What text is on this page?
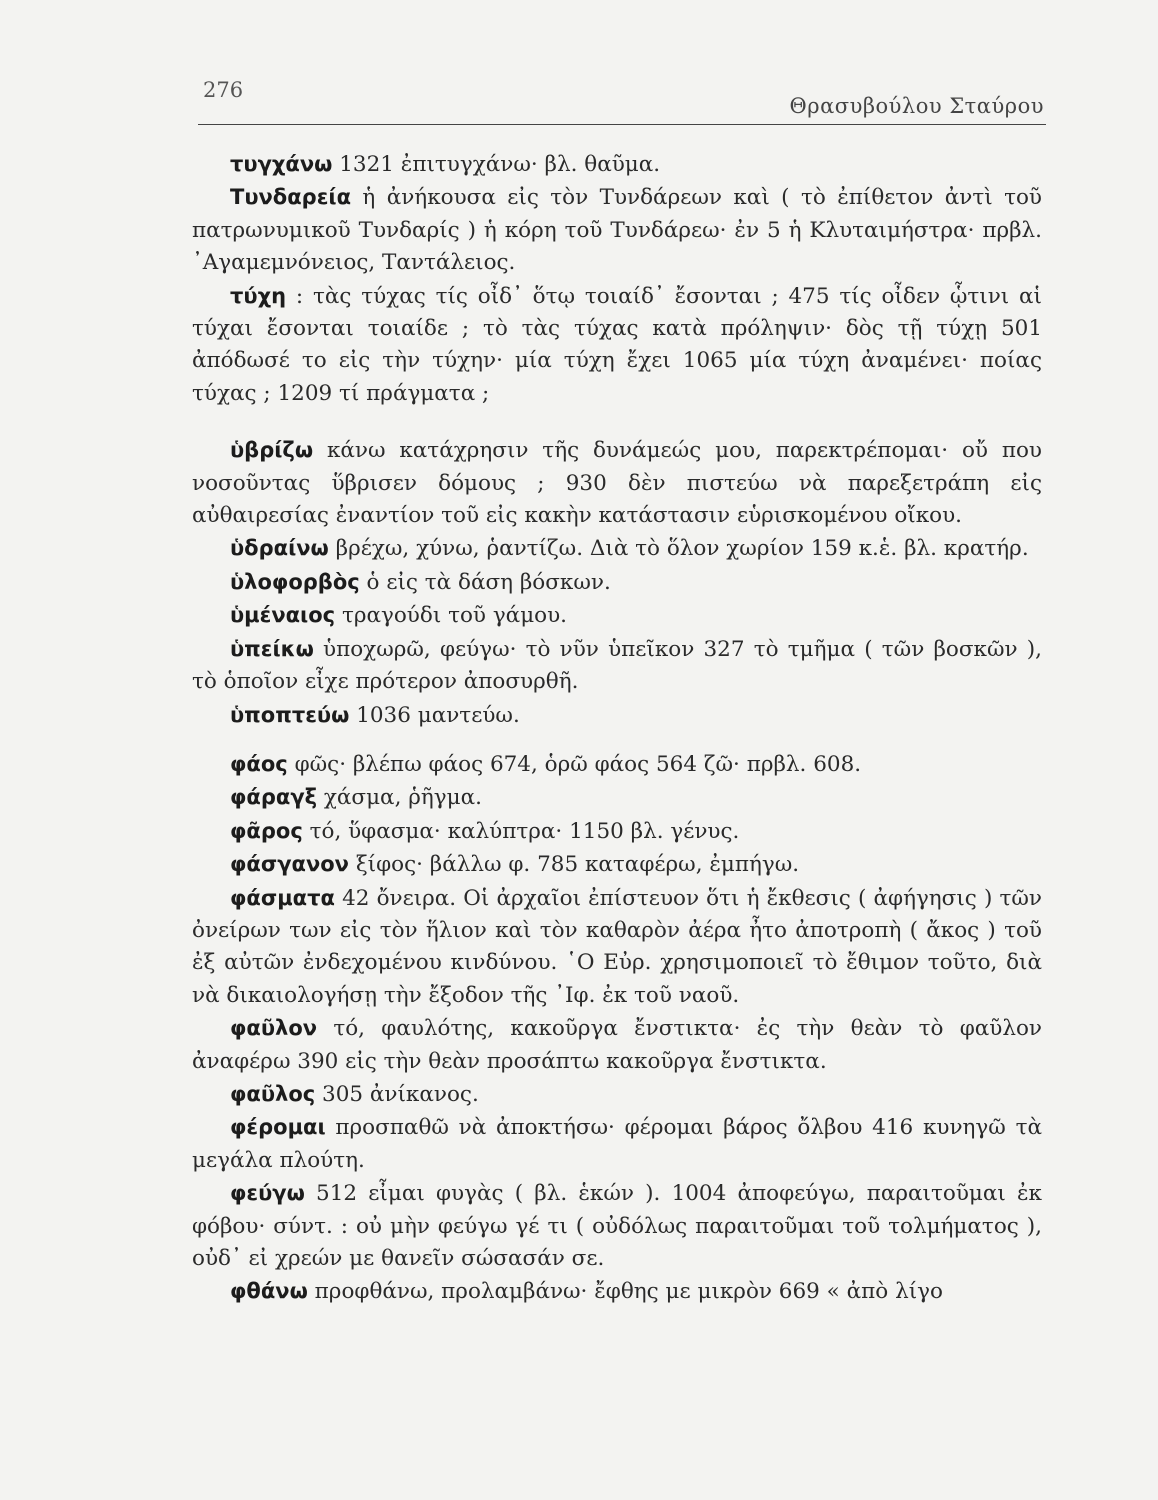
276
Θρασυβούλου Σταύρου

τυγχάνω 1321 ἐπιτυγχάνω· βλ. θαῦμα.

Τυνδαρεία ἡ ἀνήκουσα εἰς τὸν Τυνδάρεων καὶ ( τὸ ἐπίθετον ἀντὶ τοῦ πατρωνυμικοῦ Τυνδαρίς ) ἡ κόρη τοῦ Τυνδάρεω· ἐν 5 ἡ Κλυταιμήστρα· πρβλ. ᾿Αγαμεμνόνειος, Ταντάλειος.

τύχη : τὰς τύχας τίς οἶδ᾿ ὅτῳ τοιαίδ᾿ ἔσονται ; 475 τίς οἶδεν ᾧτινι αἱ τύχαι ἔσονται τοιαίδε ; τὸ τὰς τύχας κατὰ πρόληψιν· δὸς τῇ τύχῃ 501 ἀπόδωσέ το εἰς τὴν τύχην· μία τύχη ἔχει 1065 μία τύχη ἀναμένει· ποίας τύχας ; 1209 τί πράγματα ;

ὑβρίζω κάνω κατάχρησιν τῆς δυνάμεώς μου, παρεκτρέπομαι· οὔ που νοσοῦντας ὕβρισεν δόμους ; 930 δὲν πιστεύω νὰ παρεξετράπη εἰς αὐθαιρεσίας ἐναντίον τοῦ εἰς κακὴν κατάστασιν εὑρισκομένου οἴκου.

ὑδραίνω βρέχω, χύνω, ῥαντίζω. Διὰ τὸ ὅλον χωρίον 159 κ.ἑ. βλ. κρατήρ.

ὑλοφορβὸς ὁ εἰς τὰ δάση βόσκων.

ὑμέναιος τραγούδι τοῦ γάμου.

ὑπείκω ὑποχωρῶ, φεύγω· τὸ νῦν ὑπεῖκον 327 τὸ τμῆμα ( τῶν βοσκῶν ), τὸ ὁποῖον εἶχε πρότερον ἀποσυρθῆ.

ὑποπτεύω 1036 μαντεύω.

φάος φῶς· βλέπω φάος 674, ὁρῶ φάος 564 ζῶ· πρβλ. 608.

φάραγξ χάσμα, ῥῆγμα.

φᾶρος τό, ὕφασμα· καλύπτρα· 1150 βλ. γένυς.

φάσγανον ξίφος· βάλλω φ. 785 καταφέρω, ἐμπήγω.

φάσματα 42 ὄνειρα. Οἱ ἀρχαῖοι ἐπίστευον ὅτι ἡ ἔκθεσις ( ἀφήγησις ) τῶν ὀνείρων των εἰς τὸν ἥλιον καὶ τὸν καθαρὸν ἀέρα ἦτο ἀποτροπὴ ( ἄκος ) τοῦ ἐξ αὐτῶν ἐνδεχομένου κινδύνου. ῾Ο Εὐρ. χρησιμοποιεῖ τὸ ἔθιμον τοῦτο, διὰ νὰ δικαιολογήσῃ τὴν ἔξοδον τῆς ᾿Ιφ. ἐκ τοῦ ναοῦ.

φαῦλον τό, φαυλότης, κακοῦργα ἔνστικτα· ἐς τὴν θεὰν τὸ φαῦλον ἀναφέρω 390 εἰς τὴν θεὰν προσάπτω κακοῦργα ἔνστικτα.

φαῦλος 305 ἀνίκανος.

φέρομαι προσπαθῶ νὰ ἀποκτήσω· φέρομαι βάρος ὄλβου 416 κυνηγῶ τὰ μεγάλα πλούτη.

φεύγω 512 εἶμαι φυγὰς ( βλ. ἑκών ). 1004 ἀποφεύγω, παραιτοῦμαι ἐκ φόβου· σύντ. : οὐ μὴν φεύγω γέ τι ( οὐδόλως παραιτοῦμαι τοῦ τολμήματος ), οὐδ᾿ εἰ χρεών με θανεῖν σώσασάν σε.

φθάνω προφθάνω, προλαμβάνω· ἔφθης με μικρὸν 669 « ἀπὸ λίγο
